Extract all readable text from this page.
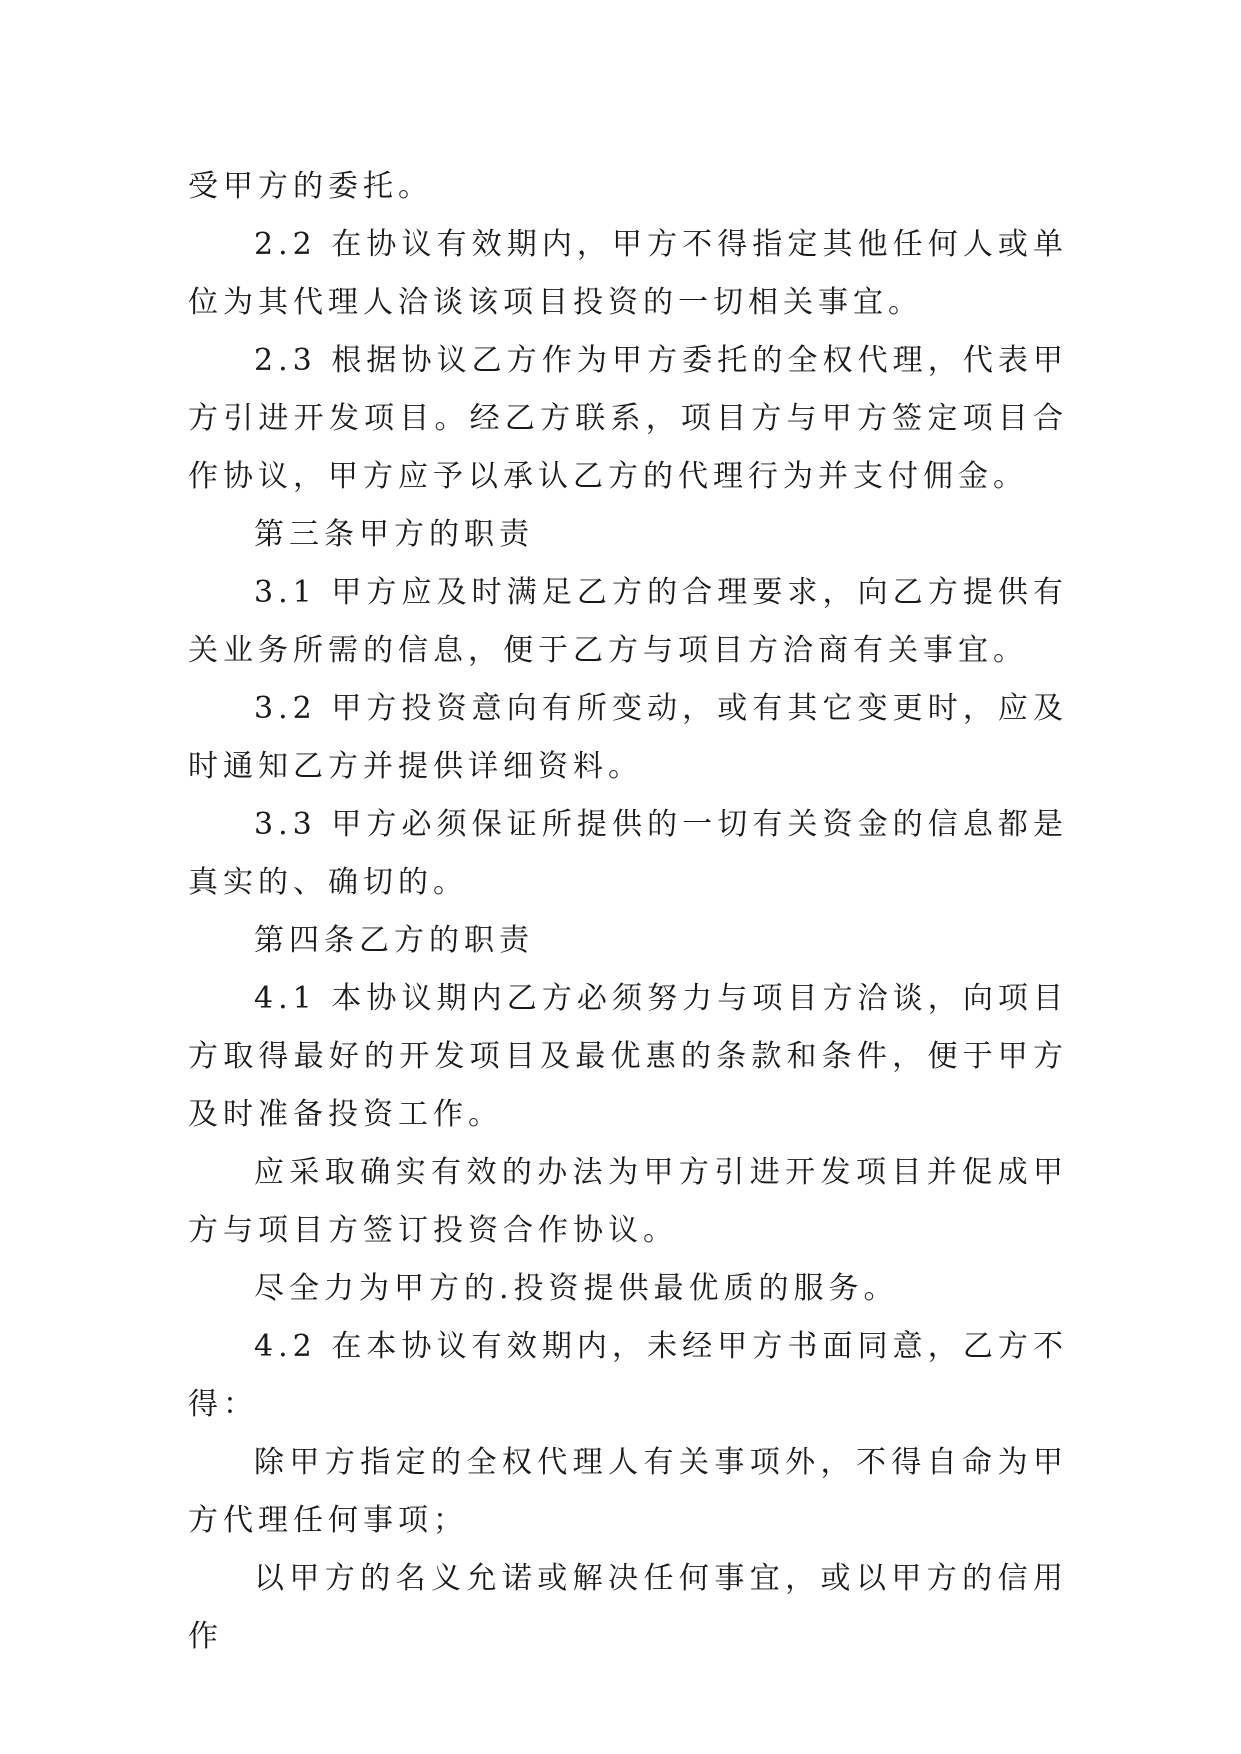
受甲方的委托。

2.2 在协议有效期内，甲方不得指定其他任何人或单位为其代理人洽谈该项目投资的一切相关事宜。

2.3 根据协议乙方作为甲方委托的全权代理，代表甲方引进开发项目。经乙方联系，项目方与甲方签定项目合作协议，甲方应予以承认乙方的代理行为并支付佣金。

第三条甲方的职责

3.1 甲方应及时满足乙方的合理要求，向乙方提供有关业务所需的信息，便于乙方与项目方洽商有关事宜。

3.2 甲方投资意向有所变动，或有其它变更时，应及时通知乙方并提供详细资料。

3.3 甲方必须保证所提供的一切有关资金的信息都是真实的、确切的。

第四条乙方的职责

4.1 本协议期内乙方必须努力与项目方洽谈，向项目方取得最好的开发项目及最优惠的条款和条件，便于甲方及时准备投资工作。

应采取确实有效的办法为甲方引进开发项目并促成甲方与项目方签订投资合作协议。

尽全力为甲方的.投资提供最优质的服务。

4.2 在本协议有效期内，未经甲方书面同意，乙方不得：

除甲方指定的全权代理人有关事项外，不得自命为甲方代理任何事项；

以甲方的名义允诺或解决任何事宜，或以甲方的信用作
